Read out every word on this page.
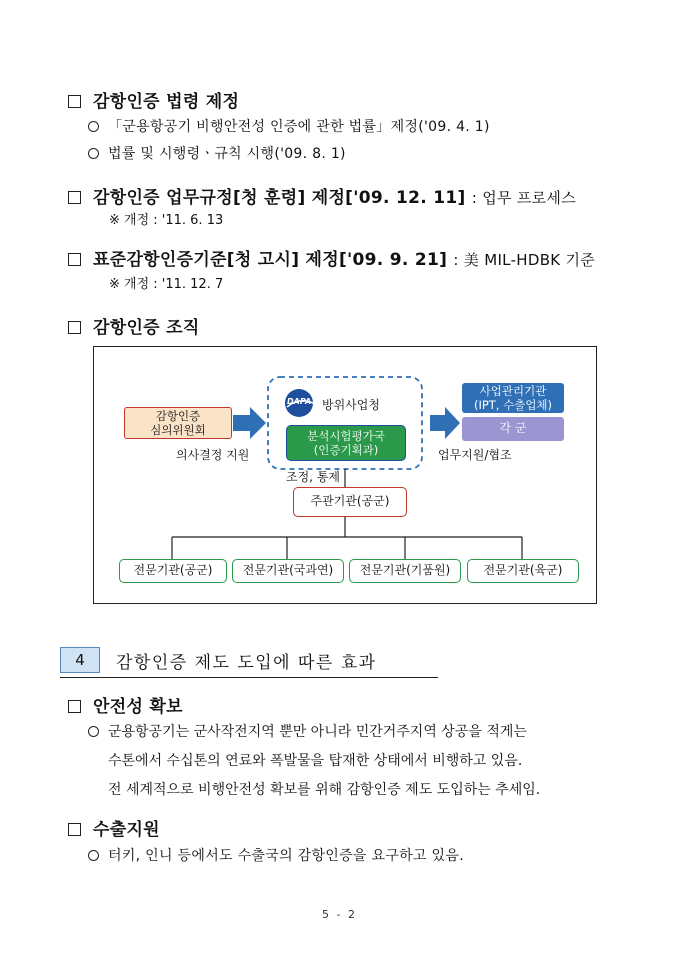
감항인증 법령 제정
「군용항공기 비행안전성 인증에 관한 법률」제정('09. 4. 1)
법률 및 시행령ㆍ규칙 시행('09. 8. 1)
감항인증 업무규정[청 훈령] 제정['09. 12. 11] : 업무 프로세스
※ 개정 : '11. 6. 13
표준감항인증기준[청 고시] 제정['09. 9. 21] : 美 MIL-HDBK 기준
※ 개정 : '11. 12. 7
감항인증 조직
감항인증
심의위원회
DAPA 방위사업청
분석시험평가국
(인증기획과)
사업관리기관
(IPT, 수출업체)
각 군
의사결정 지원	업무지원/협조
조정, 통제
주관기관(공군)
전문기관(공군)	전문기관(국과연)	전문기관(기품원)	전문기관(육군)
4	감항인증 제도 도입에 따른 효과
안전성 확보
군용항공기는 군사작전지역 뿐만 아니라 민간거주지역 상공을 적게는
수톤에서 수십톤의 연료와 폭발물을 탑재한 상태에서 비행하고 있음.
전 세계적으로 비행안전성 확보를 위해 감항인증 제도 도입하는 추세임.
수출지원
터키, 인니 등에서도 수출국의 감항인증을 요구하고 있음.
5 - 2
